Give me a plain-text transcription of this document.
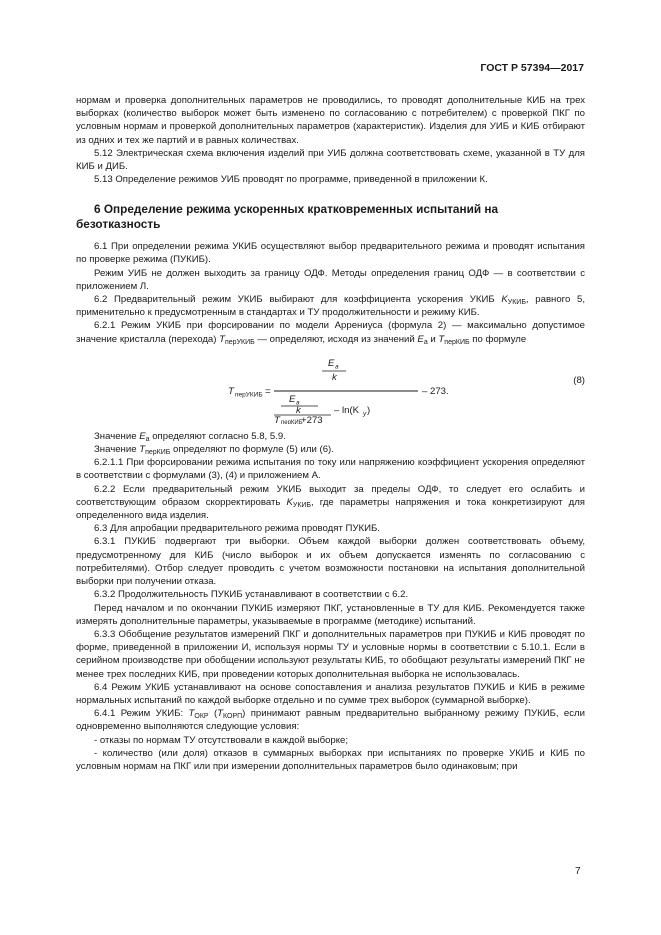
ГОСТ Р 57394—2017

нормам и проверка дополнительных параметров не проводились, то проводят дополнительные КИБ на трех выборках (количество выборок может быть изменено по согласованию с потребителем) с проверкой ПКГ по условным нормам и проверкой дополнительных параметров (характеристик). Изделия для УИБ и КИБ отбирают из одних и тех же партий и в равных количествах.

5.12 Электрическая схема включения изделий при УИБ должна соответствовать схеме, указанной в ТУ для КИБ и ДИБ.

5.13 Определение режимов УИБ проводят по программе, приведенной в приложении К.

6 Определение режима ускоренных кратковременных испытаний на безотказность

6.1 При определении режима УКИБ осуществляют выбор предварительного режима и проводят испытания по проверке режима (ПУКИБ).

Режим УИБ не должен выходить за границу ОДФ. Методы определения границ ОДФ — в соответствии с приложением Л.

6.2 Предварительный режим УКИБ выбирают для коэффициента ускорения УКИБ $K_{УКИБ}$, равного 5, применительно к предусмотренным в стандартах и ТУ продолжительности и режиму КИБ.

6.2.1 Режим УКИБ при форсировании по модели Аррениуса (формула 2) — максимально допустимое значение кристалла (перехода) $T_{перУКИБ}$ — определяют, исходя из значений $E_a$ и $T_{перКИБ}$ по формуле

T перУКИБ =
E a
k
E a
k
T перКИБ
+273
– ln(K y )
– 273.
(8)

Значение $E_a$ определяют согласно 5.8, 5.9.

Значение $T_{перКИБ}$ определяют по формуле (5) или (6).

6.2.1.1 При форсировании режима испытания по току или напряжению коэффициент ускорения определяют в соответствии с формулами (3), (4) и приложением А.

6.2.2 Если предварительный режим УКИБ выходит за пределы ОДФ, то следует его ослабить и соответствующим образом скорректировать $K_{УКИБ}$, где параметры напряжения и тока конкретизируют для определенного вида изделия.

6.3 Для апробации предварительного режима проводят ПУКИБ.

6.3.1 ПУКИБ подвергают три выборки. Объем каждой выборки должен соответствовать объему, предусмотренному для КИБ (число выборок и их объем допускается изменять по согласованию с потребителями). Отбор следует проводить с учетом возможности постановки на испытания дополнительной выборки при получении отказа.

6.3.2 Продолжительность ПУКИБ устанавливают в соответствии с 6.2.

Перед началом и по окончании ПУКИБ измеряют ПКГ, установленные в ТУ для КИБ. Рекомендуется также измерять дополнительные параметры, указываемые в программе (методике) испытаний.

6.3.3 Обобщение результатов измерений ПКГ и дополнительных параметров при ПУКИБ и КИБ проводят по форме, приведенной в приложении И, используя нормы ТУ и условные нормы в соответствии с 5.10.1. Если в серийном производстве при обобщении используют результаты КИБ, то обобщают результаты измерений ПКГ не менее трех последних КИБ, при проведении которых дополнительная выборка не использовалась.

6.4 Режим УКИБ устанавливают на основе сопоставления и анализа результатов ПУКИБ и КИБ в режиме нормальных испытаний по каждой выборке отдельно и по сумме трех выборок (суммарной выборке).

6.4.1 Режим УКИБ: $T_{ОКР}$ $(T_{КОРП})$ принимают равным предварительно выбранному режиму ПУКИБ, если одновременно выполняются следующие условия:

- отказы по нормам ТУ отсутствовали в каждой выборке;

- количество (или доля) отказов в суммарных выборках при испытаниях по проверке УКИБ и КИБ по условным нормам на ПКГ или при измерении дополнительных параметров было одинаковым; при

7
